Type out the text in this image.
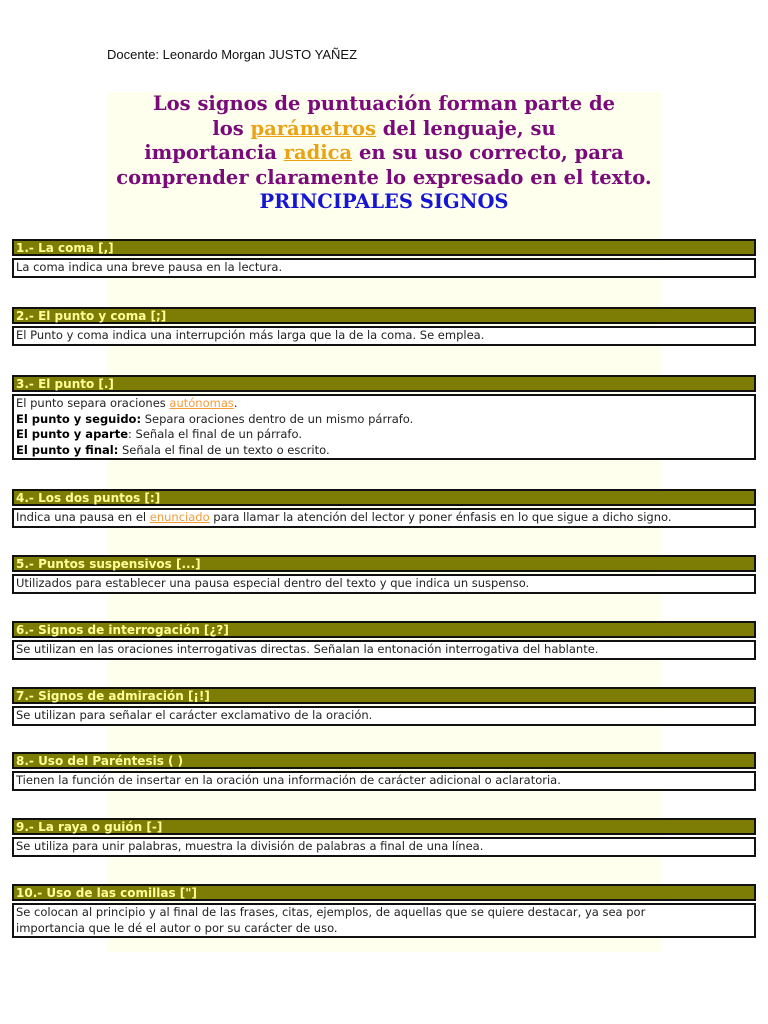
Docente: Leonardo Morgan JUSTO YAÑEZ
Los signos de puntuación forman parte de
los parámetros del lenguaje, su
importancia radica en su uso correcto, para
comprender claramente lo expresado en el texto.
PRINCIPALES SIGNOS
1.- La coma [,]
La coma indica una breve pausa en la lectura.
2.- El punto y coma [;]
El Punto y coma indica una interrupción más larga que la de la coma. Se emplea.
3.- El punto [.]
El punto separa oraciones autónomas.
El punto y seguido: Separa oraciones dentro de un mismo párrafo.
El punto y aparte: Señala el final de un párrafo.
El punto y final: Señala el final de un texto o escrito.
4.- Los dos puntos [:]
Indica una pausa en el enunciado para llamar la atención del lector y poner énfasis en lo que sigue a dicho signo.
5.- Puntos suspensivos [...]
Utilizados para establecer una pausa especial dentro del texto y que indica un suspenso.
6.- Signos de interrogación [¿?]
Se utilizan en las oraciones interrogativas directas. Señalan la entonación interrogativa del hablante.
7.- Signos de admiración [¡!]
Se utilizan para señalar el carácter exclamativo de la oración.
8.- Uso del Paréntesis ( )
Tienen la función de insertar en la oración una información de carácter adicional o aclaratoria.
9.- La raya o guión [-]
Se utiliza para unir palabras, muestra la división de palabras a final de una línea.
10.- Uso de las comillas ["]
Se colocan al principio y al final de las frases, citas, ejemplos, de aquellas que se quiere destacar, ya sea por
importancia que le dé el autor o por su carácter de uso.
